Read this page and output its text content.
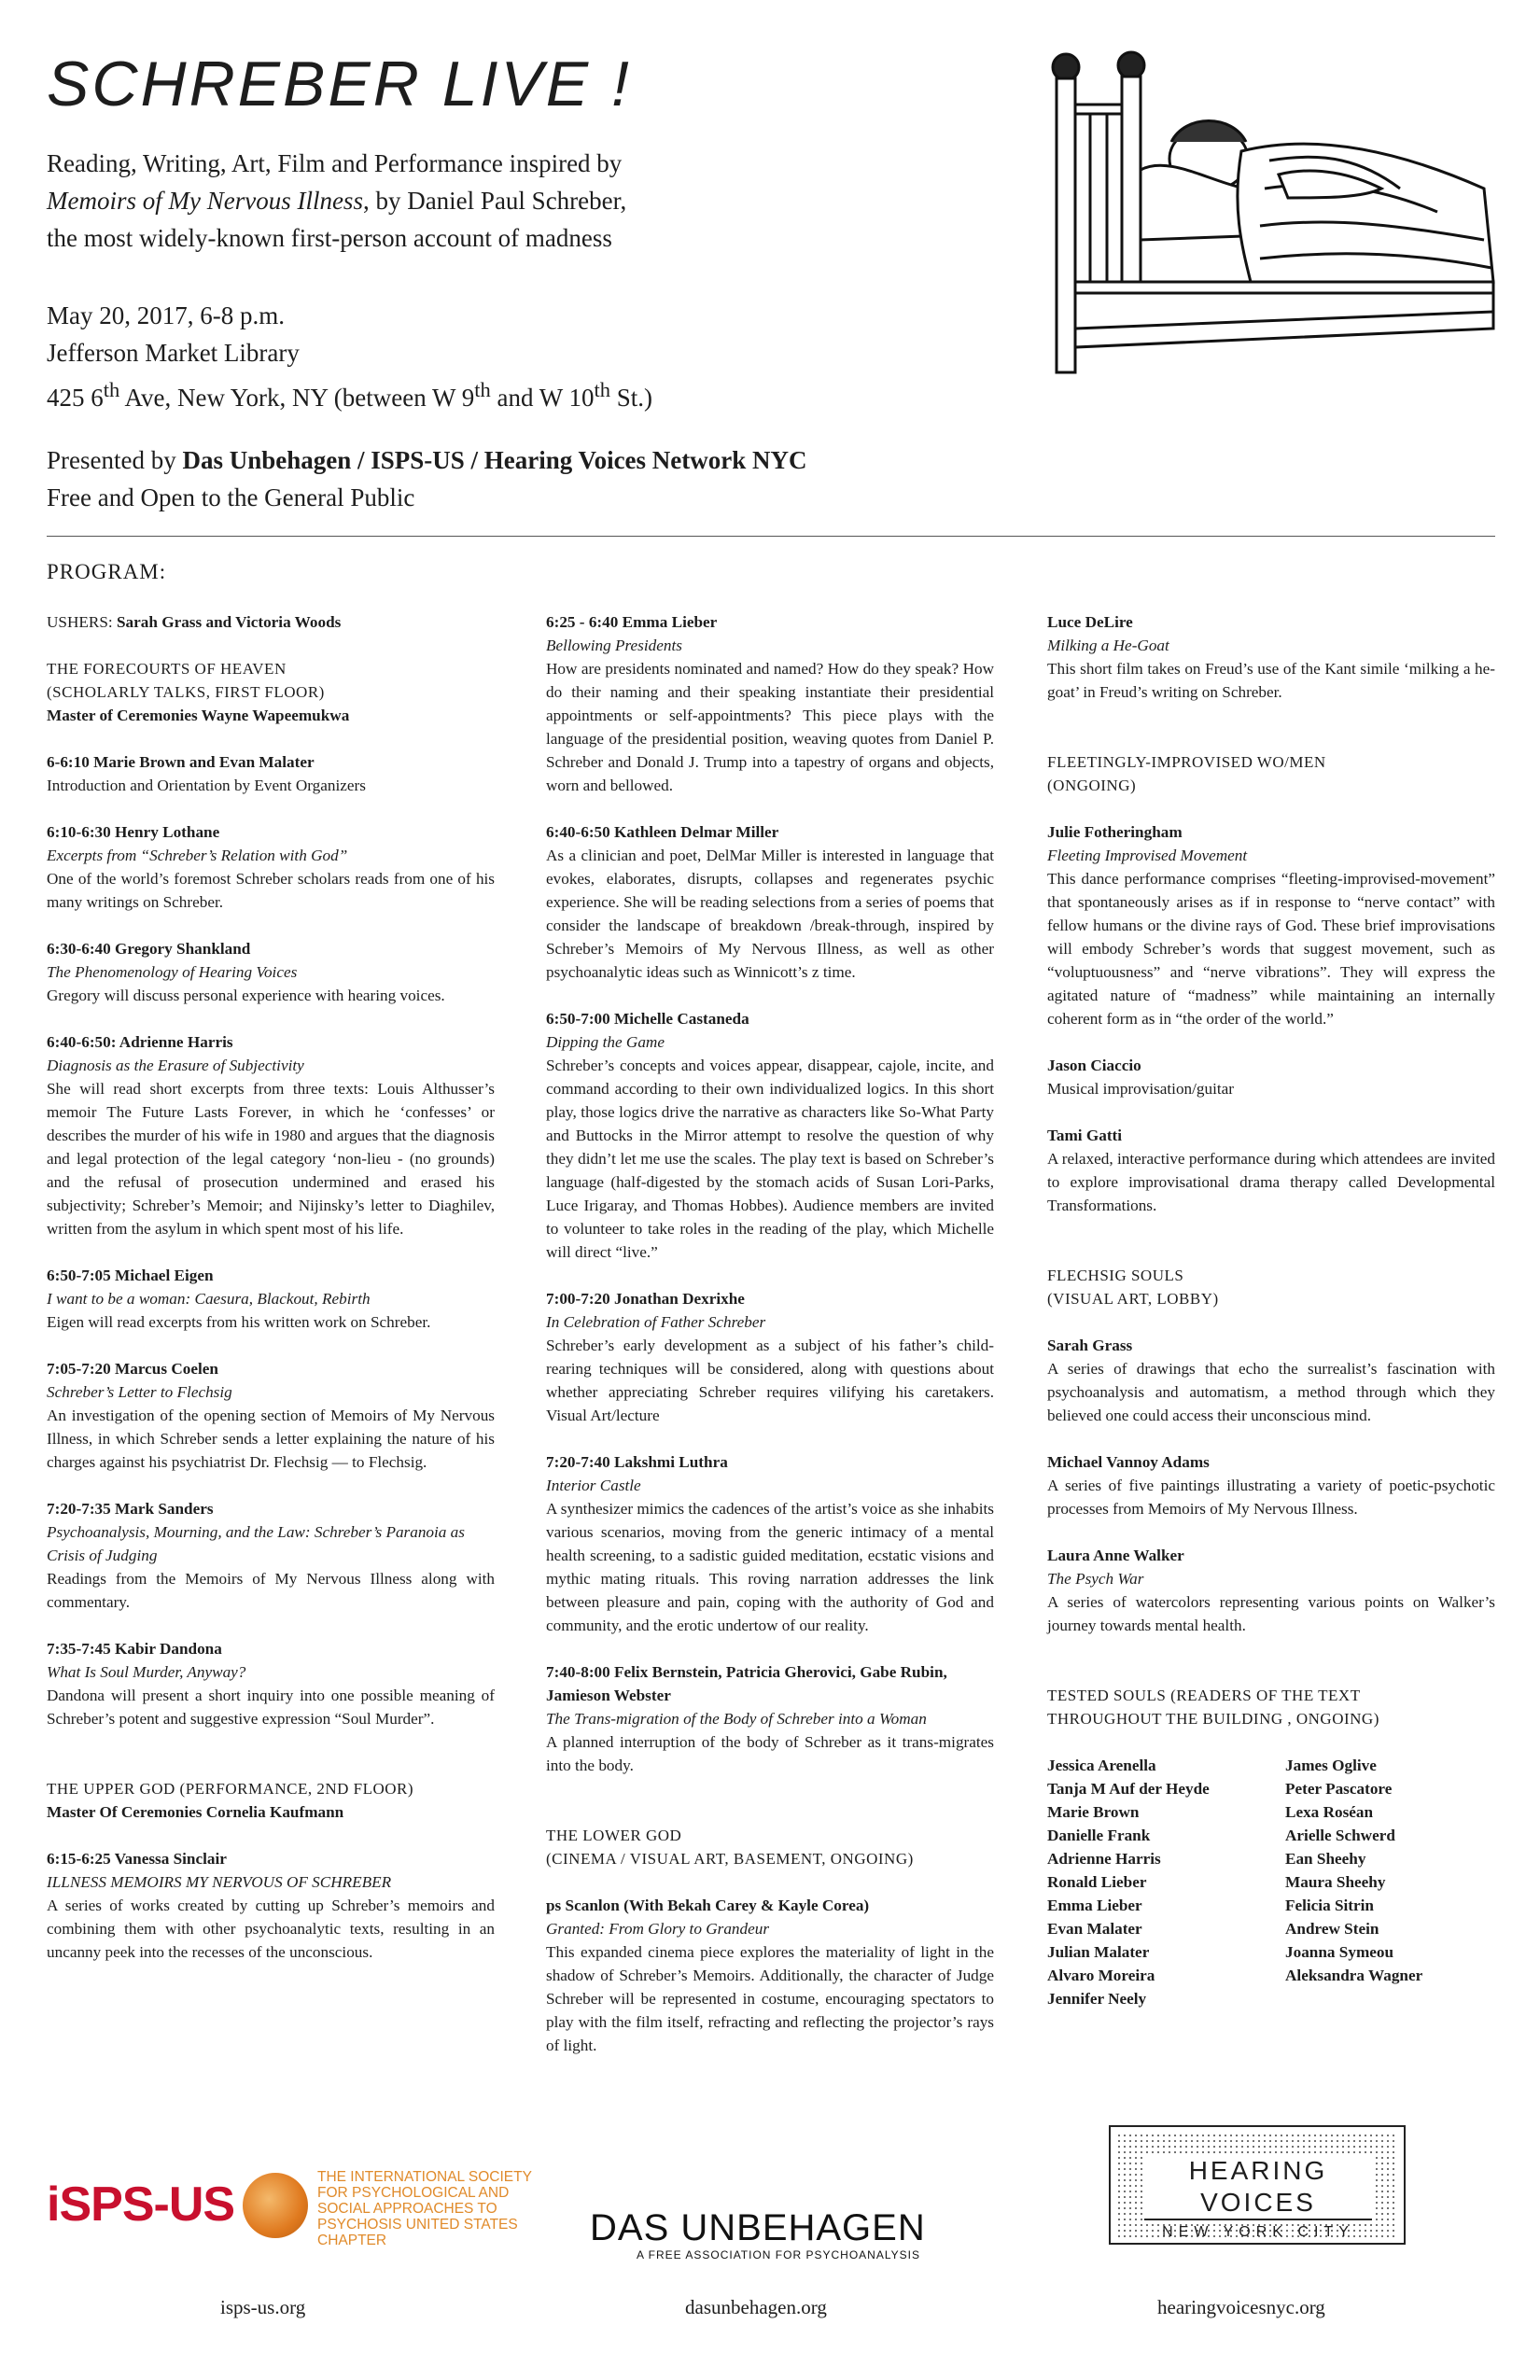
SCHREBER LIVE !
Reading, Writing, Art, Film and Performance inspired by
Memoirs of My Nervous Illness, by Daniel Paul Schreber,
the most widely-known first-person account of madness
May 20, 2017, 6-8 p.m.
Jefferson Market Library
425 6th Ave, New York, NY (between W 9th and W 10th St.)
Presented by Das Unbehagen / ISPS-US / Hearing Voices Network NYC
Free and Open to the General Public
PROGRAM:

USHERS: Sarah Grass and Victoria Woods

THE FORECOURTS OF HEAVEN

(SCHOLARLY TALKS, FIRST FLOOR)

Master of Ceremonies Wayne Wapeemukwa

6-6:10 Marie Brown and Evan Malater

Introduction and Orientation by Event Organizers

6:10-6:30 Henry Lothane

Excerpts from “Schreber’s Relation with God”

One of the world’s foremost Schreber scholars reads from one of his many writings on Schreber.

6:30-6:40 Gregory Shankland

The Phenomenology of Hearing Voices

Gregory will discuss personal experience with hearing voices.

6:40-6:50: Adrienne Harris

Diagnosis as the Erasure of Subjectivity

She will read short excerpts from three texts: Louis Althusser’s memoir The Future Lasts Forever, in which he ‘confesses’ or describes the murder of his wife in 1980 and argues that the diagnosis and legal protection of the legal category ‘non-lieu - (no grounds) and the refusal of prosecution undermined and erased his subjectivity; Schreber’s Memoir; and Nijinsky’s letter to Diaghilev, written from the asylum in which spent most of his life.

6:50-7:05 Michael Eigen

I want to be a woman: Caesura, Blackout, Rebirth

Eigen will read excerpts from his written work on Schreber.

7:05-7:20 Marcus Coelen

Schreber’s Letter to Flechsig

An investigation of the opening section of Memoirs of My Nervous Illness, in which Schreber sends a letter explaining the nature of his charges against his psychiatrist Dr. Flechsig — to Flechsig.

7:20-7:35 Mark Sanders

Psychoanalysis, Mourning, and the Law: Schreber’s Paranoia as Crisis of Judging

Readings from the Memoirs of My Nervous Illness along with commentary.

7:35-7:45 Kabir Dandona

What Is Soul Murder, Anyway?

Dandona will present a short inquiry into one possible meaning of Schreber’s potent and suggestive expression “Soul Murder”.

THE UPPER GOD (PERFORMANCE, 2ND FLOOR)

Master Of Ceremonies Cornelia Kaufmann

6:15-6:25 Vanessa Sinclair

ILLNESS MEMOIRS MY NERVOUS OF SCHREBER

A series of works created by cutting up Schreber’s memoirs and combining them with other psychoanalytic texts, resulting in an uncanny peek into the recesses of the unconscious.

6:25 - 6:40 Emma Lieber

Bellowing Presidents

How are presidents nominated and named? How do they speak? How do their naming and their speaking instantiate their presidential appointments or self-appointments? This piece plays with the language of the presidential position, weaving quotes from Daniel P. Schreber and Donald J. Trump into a tapestry of organs and objects, worn and bellowed.

6:40-6:50 Kathleen Delmar Miller

As a clinician and poet, DelMar Miller is interested in language that evokes, elaborates, disrupts, collapses and regenerates psychic experience. She will be reading selections from a series of poems that consider the landscape of breakdown /break-through, inspired by Schreber’s Memoirs of My Nervous Illness, as well as other psychoanalytic ideas such as Winnicott’s z time.

6:50-7:00 Michelle Castaneda

Dipping the Game

Schreber’s concepts and voices appear, disappear, cajole, incite, and command according to their own individualized logics. In this short play, those logics drive the narrative as characters like So-What Party and Buttocks in the Mirror attempt to resolve the question of why they didn’t let me use the scales. The play text is based on Schreber’s language (half-digested by the stomach acids of Susan Lori-Parks, Luce Irigaray, and Thomas Hobbes). Audience members are invited to volunteer to take roles in the reading of the play, which Michelle will direct “live.”

7:00-7:20 Jonathan Dexrixhe

In Celebration of Father Schreber

Schreber’s early development as a subject of his father’s child-rearing techniques will be considered, along with questions about whether appreciating Schreber requires vilifying his caretakers. Visual Art/lecture

7:20-7:40 Lakshmi Luthra

Interior Castle

A synthesizer mimics the cadences of the artist’s voice as she inhabits various scenarios, moving from the generic intimacy of a mental health screening, to a sadistic guided meditation, ecstatic visions and mythic mating rituals. This roving narration addresses the link between pleasure and pain, coping with the authority of God and community, and the erotic undertow of our reality.

7:40-8:00 Felix Bernstein, Patricia Gherovici, Gabe Rubin, Jamieson Webster

The Trans-migration of the Body of Schreber into a Woman

A planned interruption of the body of Schreber as it trans-migrates into the body.

THE LOWER GOD

(CINEMA / VISUAL ART, BASEMENT, ONGOING)

ps Scanlon (With Bekah Carey & Kayle Corea)

Granted: From Glory to Grandeur

This expanded cinema piece explores the materiality of light in the shadow of Schreber’s Memoirs. Additionally, the character of Judge Schreber will be represented in costume, encouraging spectators to play with the film itself, refracting and reflecting the projector’s rays of light.

Luce DeLire

Milking a He-Goat

This short film takes on Freud’s use of the Kant simile ‘milking a he-goat’ in Freud’s writing on Schreber.

FLEETINGLY-IMPROVISED WO/MEN

(ONGOING)

Julie Fotheringham

Fleeting Improvised Movement

This dance performance comprises “fleeting-improvised-movement” that spontaneously arises as if in response to “nerve contact” with fellow humans or the divine rays of God. These brief improvisations will embody Schreber’s words that suggest movement, such as “voluptuousness” and “nerve vibrations”. They will express the agitated nature of “madness” while maintaining an internally coherent form as in “the order of the world.”

Jason Ciaccio

Musical improvisation/guitar

Tami Gatti

A relaxed, interactive performance during which attendees are invited to explore improvisational drama therapy called Developmental Transformations.

FLECHSIG SOULS

(VISUAL ART, LOBBY)

Sarah Grass

A series of drawings that echo the surrealist’s fascination with psychoanalysis and automatism, a method through which they believed one could access their unconscious mind.

Michael Vannoy Adams

A series of five paintings illustrating a variety of poetic-psychotic processes from Memoirs of My Nervous Illness.

Laura Anne Walker

The Psych War

A series of watercolors representing various points on Walker’s journey towards mental health.

TESTED SOULS (READERS OF THE TEXT

THROUGHOUT THE BUILDING , ONGOING)

Jessica Arenella
Tanja M Auf der Heyde
Marie Brown
Danielle Frank
Adrienne Harris
Ronald Lieber
Emma Lieber
Evan Malater
Julian Malater
Alvaro Moreira
Jennifer Neely
James Oglive
Peter Pascatore
Lexa Roséan
Arielle Schwerd
Ean Sheehy
Maura Sheehy
Felicia Sitrin
Andrew Stein
Joanna Symeou
Aleksandra Wagner
iSPS-US
THE INTERNATIONAL SOCIETY FOR PSYCHOLOGICAL AND SOCIAL APPROACHES TO PSYCHOSIS UNITED STATES CHAPTER	DAS UNBEHAGEN
A FREE ASSOCIATION FOR PSYCHOANALYSIS
HEARING VOICES
NEW YORK CITY
isps-us.org	dasunbehagen.org	hearingvoicesnyc.org
